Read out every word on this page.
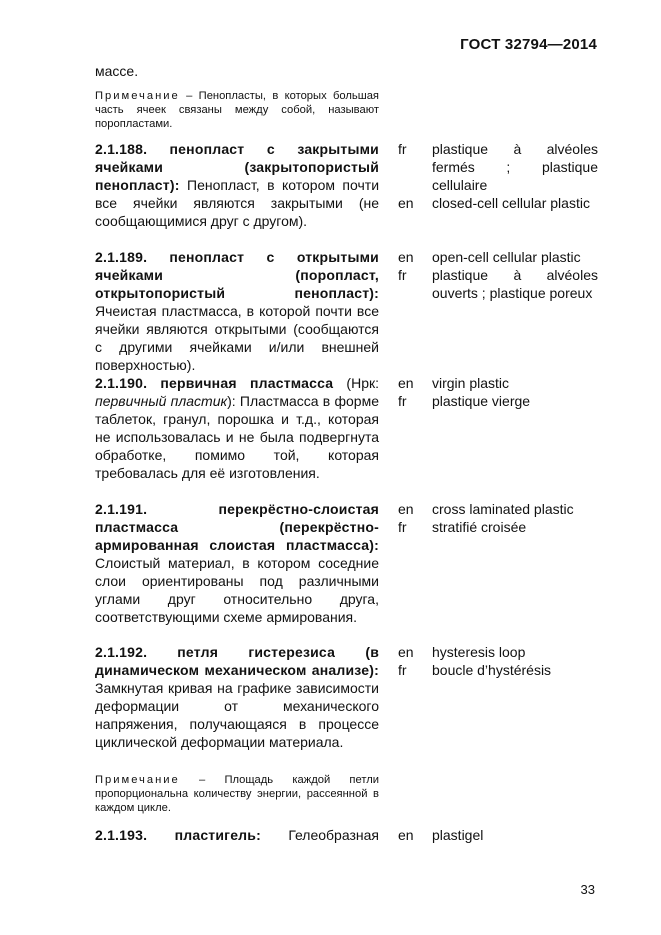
ГОСТ 32794—2014
массе.
Примечание – Пенопласты, в которых большая часть ячеек связаны между собой, называют поропластами.
2.1.188. пенопласт с закрытыми ячейками (закрытопористый пенопласт): Пенопласт, в котором почти все ячейки являются закрытыми (не сообщающимися друг с другом).
fr	plastique à alvéoles fermés ; plastique cellulaire
en	closed-cell cellular plastic
2.1.189. пенопласт с открытыми ячейками (поропласт, открытопористый пенопласт): Ячеистая пластмасса, в которой почти все ячейки являются открытыми (сообщаются с другими ячейками и/или внешней поверхностью).
en	open-cell cellular plastic
fr	plastique à alvéoles ouverts ; plastique poreux
2.1.190. первичная пластмасса (Нрк: первичный пластик): Пластмасса в форме таблеток, гранул, порошка и т.д., которая не использовалась и не была подвергнута обработке, помимо той, которая требовалась для её изготовления.
en	virgin plastic
fr	plastique vierge
2.1.191.	перекрёстно-слоистая пластмасса (перекрёстно-армированная слоистая пластмасса): Слоистый материал, в котором соседние слои ориентированы под различными углами друг относительно друга, соответствующими схеме армирования.
en	cross laminated plastic
fr	stratifié croisée
2.1.192. петля гистерезиса (в динамическом механическом анализе): Замкнутая кривая на графике зависимости деформации от механического напряжения, получающаяся в процессе циклической деформации материала.
en	hysteresis loop
fr	boucle d’hystérésis
Примечание – Площадь каждой петли пропорциональна количеству энергии, рассеянной в каждом цикле.
2.1.193. пластигель: Гелеобразная en	plastigel
33
